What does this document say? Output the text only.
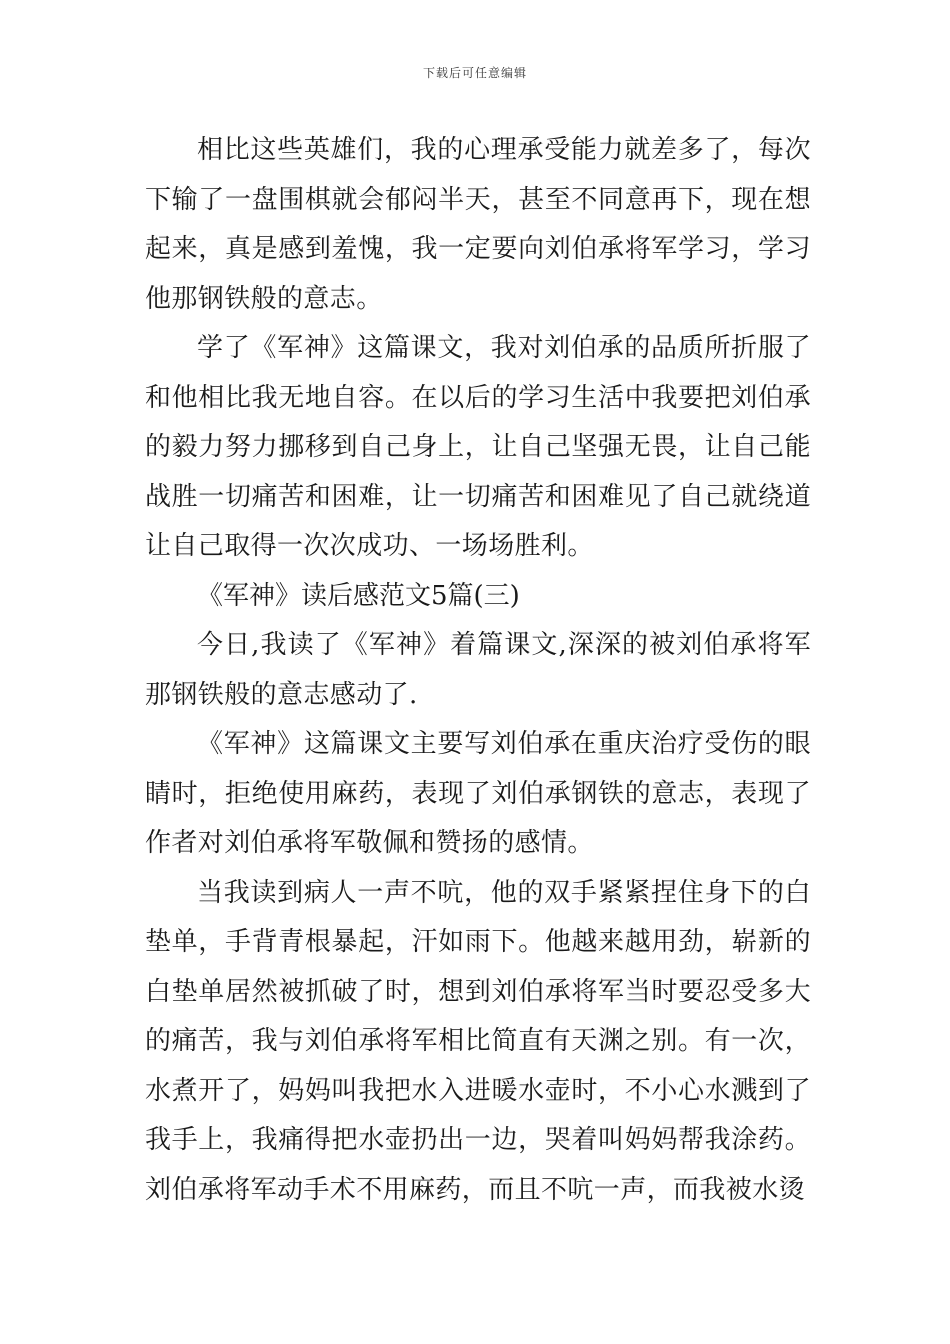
下载后可任意编辑

相比这些英雄们，我的心理承受能力就差多了，每次下输了一盘围棋就会郁闷半天，甚至不同意再下，现在想起来，真是感到羞愧，我一定要向刘伯承将军学习，学习他那钢铁般的意志。

学了《军神》这篇课文，我对刘伯承的品质所折服了和他相比我无地自容。在以后的学习生活中我要把刘伯承的毅力努力挪移到自己身上，让自己坚强无畏，让自己能战胜一切痛苦和困难，让一切痛苦和困难见了自己就绕道让自己取得一次次成功、一场场胜利。

《军神》读后感范文5篇(三)

今日,我读了《军神》着篇课文,深深的被刘伯承将军那钢铁般的意志感动了.

《军神》这篇课文主要写刘伯承在重庆治疗受伤的眼睛时，拒绝使用麻药，表现了刘伯承钢铁的意志，表现了作者对刘伯承将军敬佩和赞扬的感情。

当我读到病人一声不吭，他的双手紧紧捏住身下的白垫单，手背青根暴起，汗如雨下。他越来越用劲，崭新的白垫单居然被抓破了时，想到刘伯承将军当时要忍受多大的痛苦，我与刘伯承将军相比简直有天渊之别。有一次，水煮开了，妈妈叫我把水入进暖水壶时，不小心水溅到了我手上，我痛得把水壶扔出一边，哭着叫妈妈帮我涂药。刘伯承将军动手术不用麻药，而且不吭一声，而我被水烫
